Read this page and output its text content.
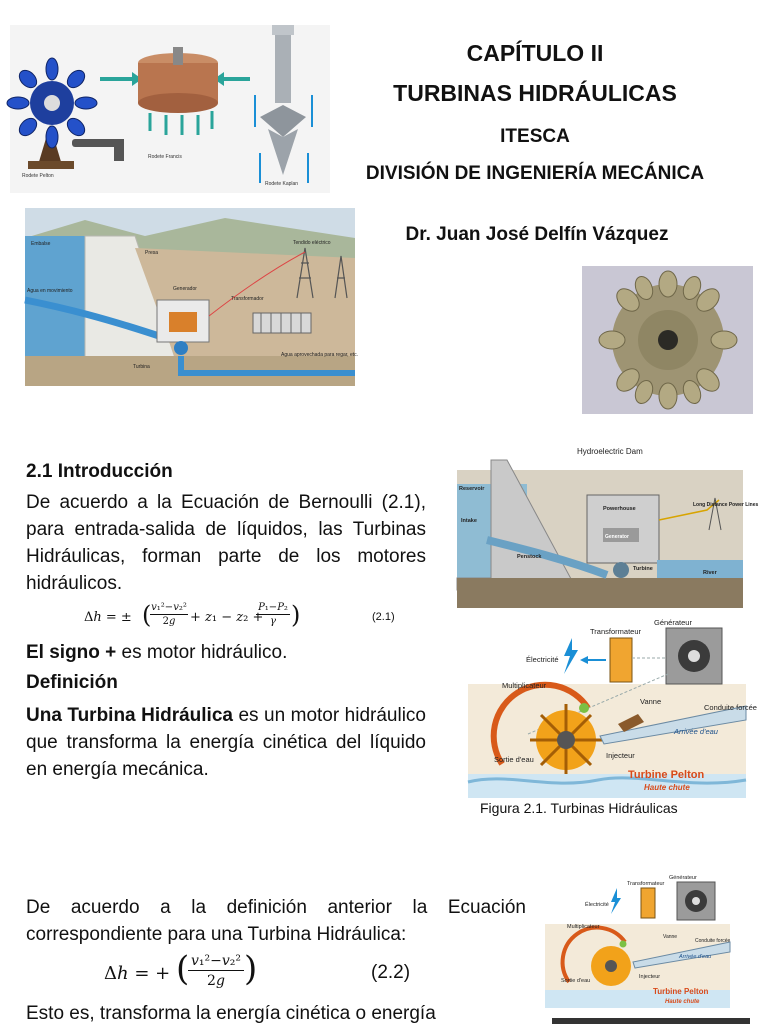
CAPÍTULO II
TURBINAS HIDRÁULICAS
ITESCA
DIVISIÓN DE INGENIERÍA MECÁNICA
Dr. Juan José Delfín Vázquez
Rodete Francis
Rodete Pelton
Rodete Kaplan
Embalse
Presa
Tendido eléctrico
Agua en movimiento	Generador
Transformador
Turbina
Agua aprovechada para regar, etc.
Hydroelectric Dam
Reservoir
Intake
Powerhouse
Generator
Penstock
Turbine
River
Long Distance Power Lines
Générateur
Transformateur
Électricité
Multiplicateur
Vanne
Conduite forcée
Arrivée d'eau
Injecteur
Sortie d'eau
Turbine Pelton
Haute chute
Figura 2.1. Turbinas Hidráulicas
Générateur
Transformateur
Électricité
Multiplicateur
Vanne
Conduite forcée
Arrivée d'eau
Injecteur
Sortie d'eau
Turbine Pelton
Haute chute
2.1 Introducción
De acuerdo a la Ecuación de Bernoulli (2.1), para entrada-salida de líquidos, las Turbinas Hidráulicas, forman parte de los motores hidráulicos.
Δh = ± ( v₁²−v₂²
2g	+ z₁ − z₂ +
P₁−P₂
γ )	(2.1)
El signo + es motor hidráulico.
Definición
Una Turbina Hidráulica es un motor hidráulico que transforma la energía cinética del líquido en energía mecánica.
De acuerdo a la definición anterior la Ecuación correspondiente para una Turbina Hidráulica:
Δh = + ( v₁²−v₂²
2g )	(2.2)
Esto es, transforma la energía cinética o energía
